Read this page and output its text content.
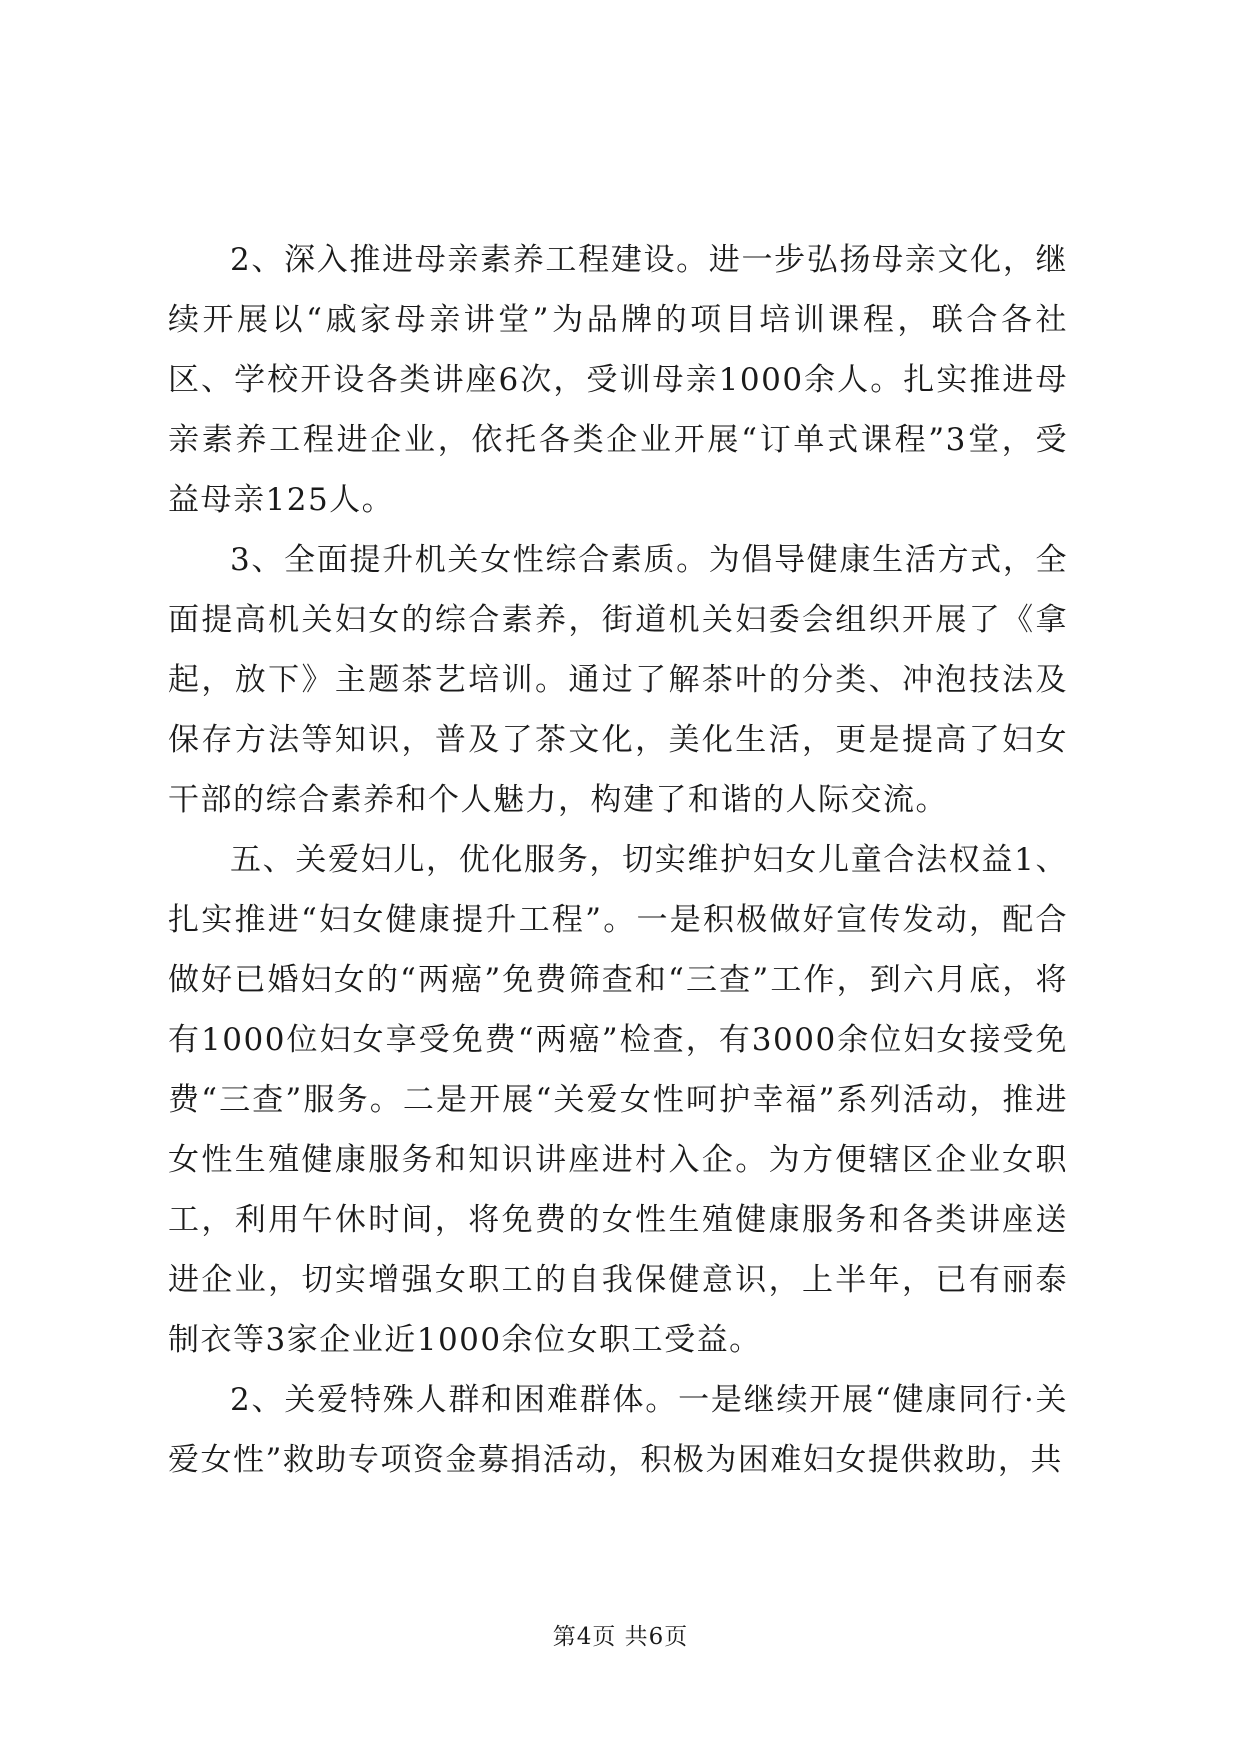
2、深入推进母亲素养工程建设。进一步弘扬母亲文化，继续开展以“戚家母亲讲堂”为品牌的项目培训课程，联合各社区、学校开设各类讲座6次，受训母亲1000余人。扎实推进母亲素养工程进企业，依托各类企业开展“订单式课程”3堂，受益母亲125人。

3、全面提升机关女性综合素质。为倡导健康生活方式，全面提高机关妇女的综合素养，街道机关妇委会组织开展了《拿起，放下》主题茶艺培训。通过了解茶叶的分类、冲泡技法及保存方法等知识，普及了茶文化，美化生活，更是提高了妇女干部的综合素养和个人魅力，构建了和谐的人际交流。

五、关爱妇儿，优化服务，切实维护妇女儿童合法权益1、扎实推进“妇女健康提升工程”。一是积极做好宣传发动，配合做好已婚妇女的“两癌”免费筛查和“三查”工作，到六月底，将有1000位妇女享受免费“两癌”检查，有3000余位妇女接受免费“三查”服务。二是开展“关爱女性呵护幸福”系列活动，推进女性生殖健康服务和知识讲座进村入企。为方便辖区企业女职工，利用午休时间，将免费的女性生殖健康服务和各类讲座送进企业，切实增强女职工的自我保健意识，上半年，已有丽泰制衣等3家企业近1000余位女职工受益。

2、关爱特殊人群和困难群体。一是继续开展“健康同行·关爱女性”救助专项资金募捐活动，积极为困难妇女提供救助，共

第4页 共6页
